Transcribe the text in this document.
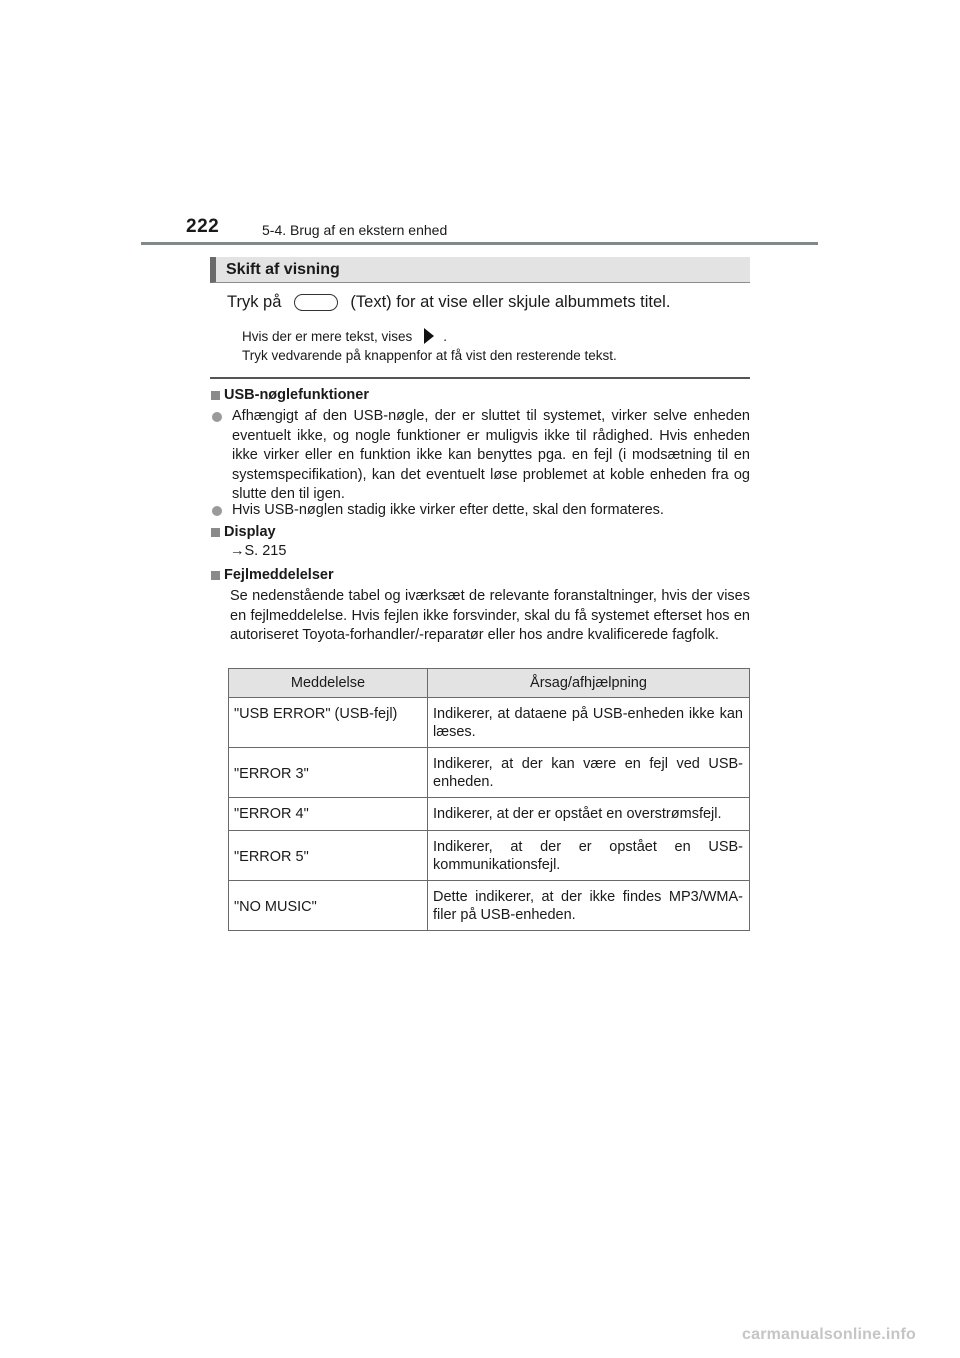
222	5-4. Brug af en ekstern enhed
Skift af visning
Tryk på	(Text) for at vise eller skjule albummets titel.
Hvis der er mere tekst, vises .
Tryk vedvarende på knappenfor at få vist den resterende tekst.
USB-nøglefunktioner
Afhængigt af den USB-nøgle, der er sluttet til systemet, virker selve enheden eventuelt ikke, og nogle funktioner er muligvis ikke til rådighed. Hvis enheden ikke virker eller en funktion ikke kan benyttes pga. en fejl (i modsætning til en systemspecifikation), kan det eventuelt løse problemet at koble enheden fra og slutte den til igen.
Hvis USB-nøglen stadig ikke virker efter dette, skal den formateres.
Display
→S. 215
Fejlmeddelelser
Se nedenstående tabel og iværksæt de relevante foranstaltninger, hvis der vises en fejlmeddelelse. Hvis fejlen ikke forsvinder, skal du få systemet efterset hos en autoriseret Toyota-forhandler/-reparatør eller hos andre kvalificerede fagfolk.
Meddelelse	Årsag/afhjælpning
"USB ERROR" (USB-fejl)	Indikerer, at dataene på USB-enheden ikke kan læses.
"ERROR 3"	Indikerer, at der kan være en fejl ved USB-enheden.
"ERROR 4"	Indikerer, at der er opstået en overstrømsfejl.
"ERROR 5"	Indikerer, at der er opstået en USB-kommunikationsfejl.
"NO MUSIC"	Dette indikerer, at der ikke findes MP3/WMA-filer på USB-enheden.
carmanualsonline.info
